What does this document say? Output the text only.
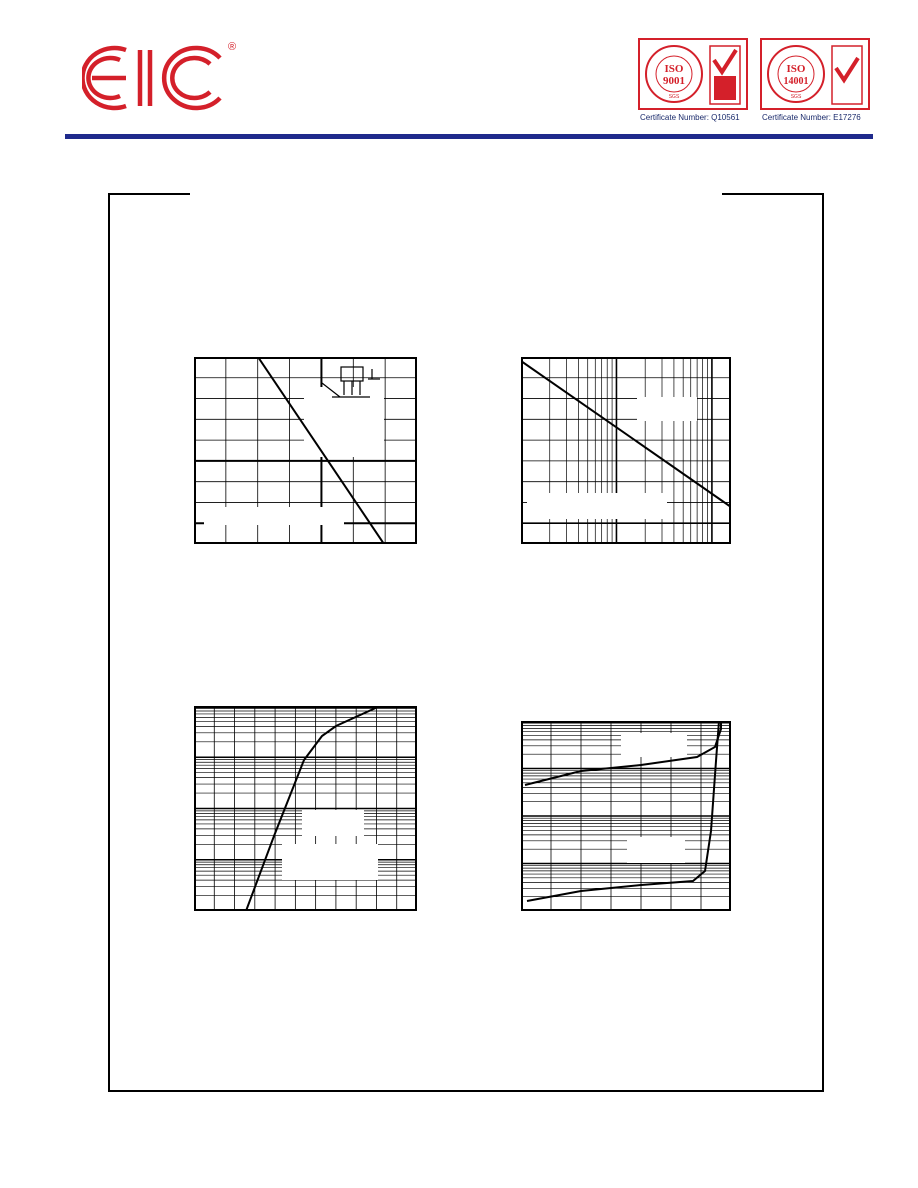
®
ISO
9001
SGS
Certificate Number: Q10561
ISO
14001
SGS
Certificate Number: E17276
